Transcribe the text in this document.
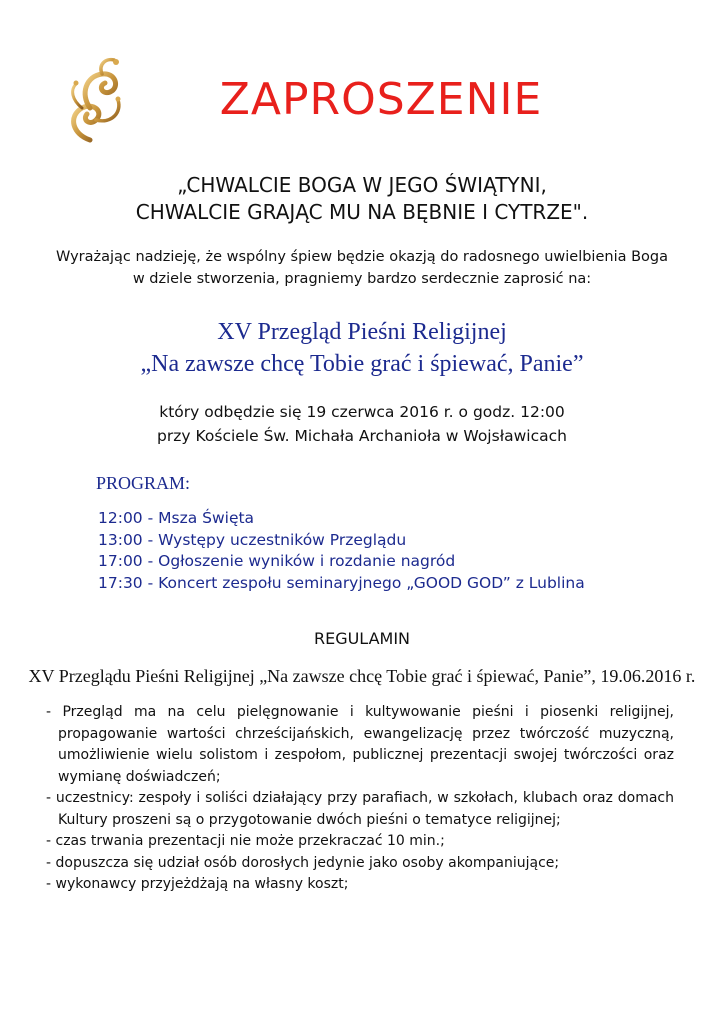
ZAPROSZENIE
„CHWALCIE BOGA W JEGO ŚWIĄTYNI,
CHWALCIE GRAJĄC MU NA BĘBNIE I CYTRZE".
Wyrażając nadzieję, że wspólny śpiew będzie okazją do radosnego uwielbienia Boga
w dziele stworzenia, pragniemy bardzo serdecznie zaprosić na:
XV Przegląd Pieśni Religijnej
„Na zawsze chcę Tobie grać i śpiewać, Panie”
który odbędzie się 19 czerwca 2016 r. o godz. 12:00
przy Kościele Św. Michała Archanioła w Wojsławicach
PROGRAM:
12:00 - Msza Święta
13:00 - Występy uczestników Przeglądu
17:00 - Ogłoszenie wyników i rozdanie nagród
17:30 - Koncert zespołu seminaryjnego „GOOD GOD” z Lublina
REGULAMIN
XV Przeglądu Pieśni Religijnej „Na zawsze chcę Tobie grać i śpiewać, Panie”, 19.06.2016 r.
- Przegląd ma na celu pielęgnowanie i kultywowanie pieśni i piosenki religijnej, propagowanie wartości chrześcijańskich, ewangelizację przez twórczość muzyczną, umożliwienie wielu solistom i zespołom, publicznej prezentacji swojej twórczości oraz wymianę doświadczeń;
- uczestnicy: zespoły i soliści działający przy parafiach, w szkołach, klubach oraz domach Kultury proszeni są o przygotowanie dwóch pieśni o tematyce religijnej;
- czas trwania prezentacji nie może przekraczać 10 min.;
- dopuszcza się udział osób dorosłych jedynie jako osoby akompaniujące;
- wykonawcy przyjeżdżają na własny koszt;
